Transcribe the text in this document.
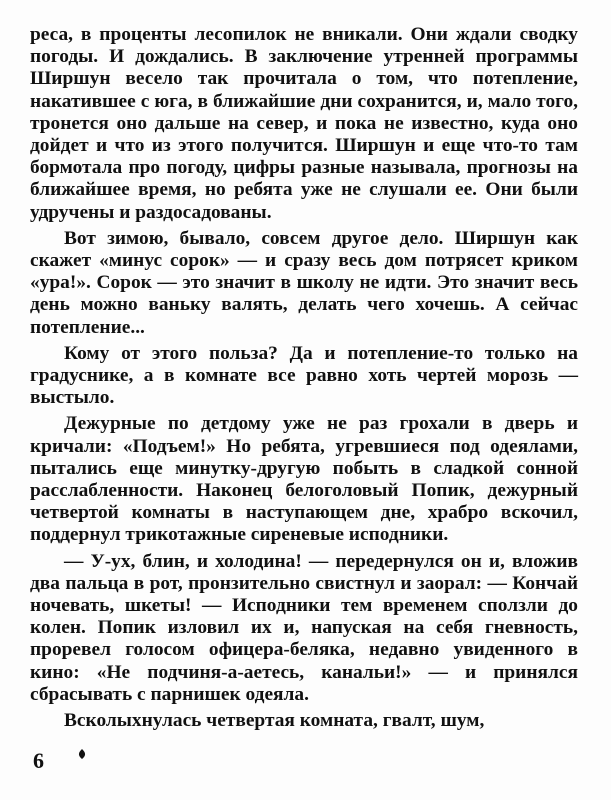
реса, в проценты лесопилок не вникали. Они ждали сводку погоды. И дождались. В заключение утренней программы Ширшун весело так прочитала о том, что потепление, накатившее с юга, в ближайшие дни сохранится, и, мало того, тронется оно дальше на север, и пока не известно, куда оно дойдет и что из этого получится. Ширшун и еще что-то там бормотала про погоду, цифры разные называла, прогнозы на ближайшее время, но ребята уже не слушали ее. Они были удручены и раздосадованы.

Вот зимою, бывало, совсем другое дело. Ширшун как скажет «минус сорок» — и сразу весь дом потрясет криком «ура!». Сорок — это значит в школу не идти. Это значит весь день можно ваньку валять, делать чего хочешь. А сейчас потепление...

Кому от этого польза? Да и потепление-то только на градуснике, а в комнате все равно хоть чертей морозь — выстыло.

Дежурные по детдому уже не раз грохали в дверь и кричали: «Подъем!» Но ребята, угревшиеся под одеялами, пытались еще минутку-другую побыть в сладкой сонной расслабленности. Наконец белоголовый Попик, дежурный четвертой комнаты в наступающем дне, храбро вскочил, поддернул трикотажные сиреневые исподники.

— У-ух, блин, и холодина! — передернулся он и, вложив два пальца в рот, пронзительно свистнул и заорал: — Кончай ночевать, шкеты! — Исподники тем временем сползли до колен. Попик изловил их и, напуская на себя гневность, проревел голосом офицера-беляка, недавно увиденного в кино: «Не подчиня-а-аетесь, канальи!» — и принялся сбрасывать с парнишек одеяла.

Всколыхнулась четвертая комната, гвалт, шум,

6
